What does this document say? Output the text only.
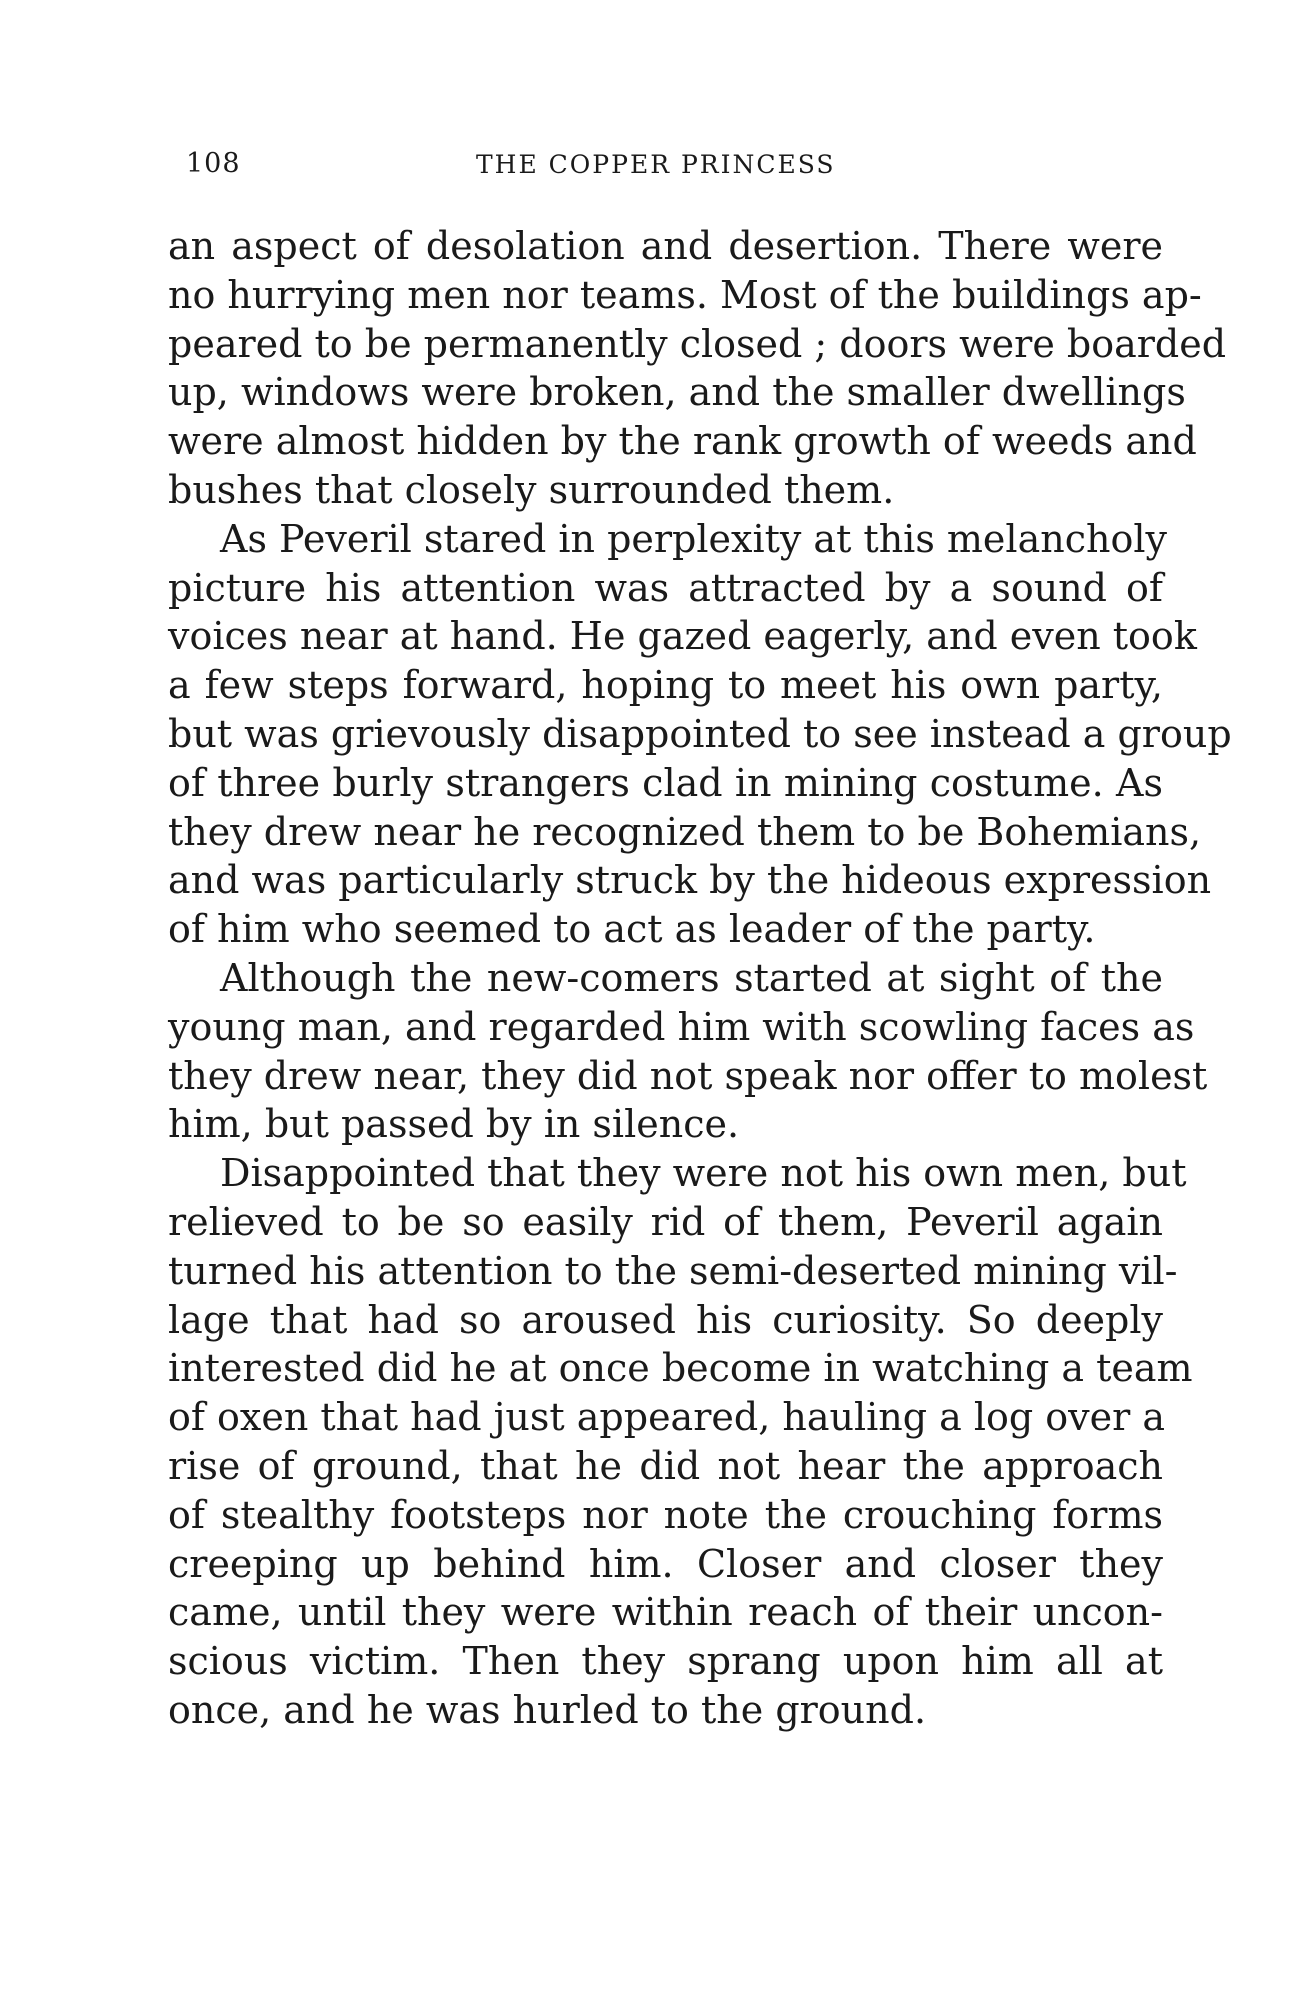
108	THE COPPER PRINCESS
an aspect of desolation and desertion. There were
no hurrying men nor teams. Most of the buildings ap-
peared to be permanently closed ; doors were boarded
up, windows were broken, and the smaller dwellings
were almost hidden by the rank growth of weeds and
bushes that closely surrounded them.
As Peveril stared in perplexity at this melancholy
picture his attention was attracted by a sound of
voices near at hand. He gazed eagerly, and even took
a few steps forward, hoping to meet his own party,
but was grievously disappointed to see instead a group
of three burly strangers clad in mining costume. As
they drew near he recognized them to be Bohemians,
and was particularly struck by the hideous expression
of him who seemed to act as leader of the party.
Although the new-comers started at sight of the
young man, and regarded him with scowling faces as
they drew near, they did not speak nor offer to molest
him, but passed by in silence.
Disappointed that they were not his own men, but
relieved to be so easily rid of them, Peveril again
turned his attention to the semi-deserted mining vil-
lage that had so aroused his curiosity. So deeply
interested did he at once become in watching a team
of oxen that had just appeared, hauling a log over a
rise of ground, that he did not hear the approach
of stealthy footsteps nor note the crouching forms
creeping up behind him. Closer and closer they
came, until they were within reach of their uncon-
scious victim. Then they sprang upon him all at
once, and he was hurled to the ground.
